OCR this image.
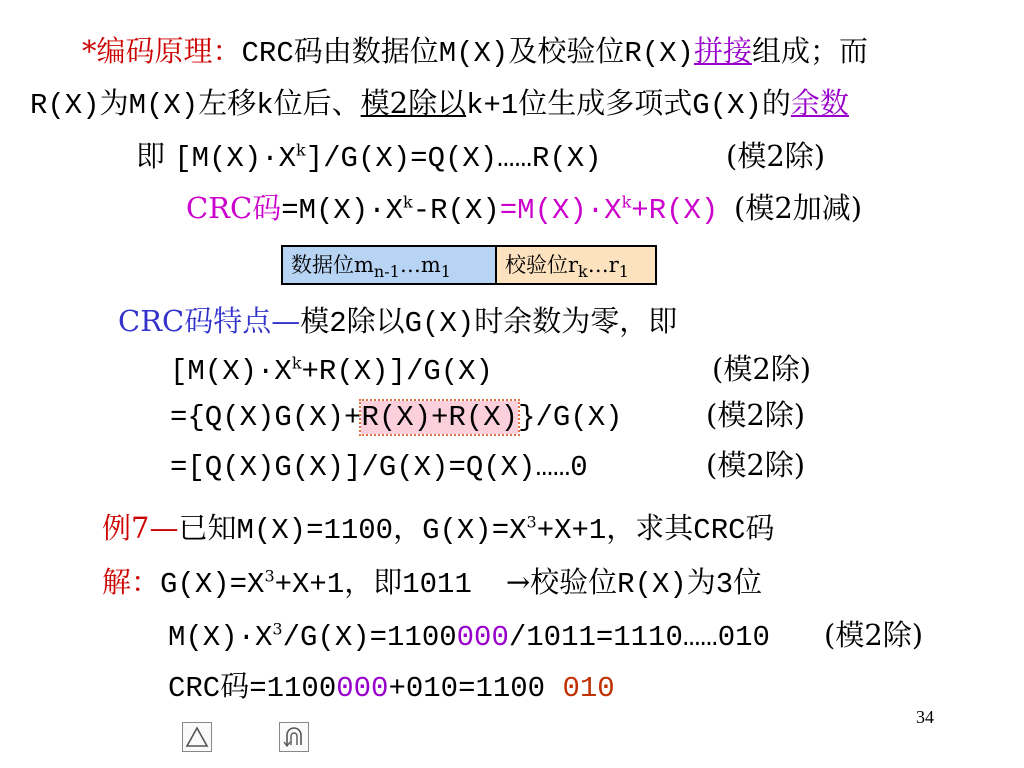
*编码原理：CRC码由数据位M(X)及校验位R(X)拼接组成；而
R(X)为M(X)左移k位后、模2除以k+1位生成多项式G(X)的余数
即 $[M(X)\cdot X^k]/G(X)=Q(X)\dots\dots R(X)$	(模2除)
CRC码$=M(X)\cdot X^k-R(X)=M(X)\cdot X^k+R(X)$ (模2加减)
数据位$m_{n-1}\dots m_1$	校验位$r_k\dots r_1$
CRC码特点—模2除以G(X)时余数为零，即
$[M(X)\cdot X^k+R(X)]/G(X)$	(模2除)
={Q(X)G(X)+R(X)+R(X)}/G(X)	(模2除)
=[Q(X)G(X)]/G(X)=Q(X)……0	(模2除)
例7—已知M(X)=1100，$G(X)=X^3+X+1$，求其CRC码
解：$G(X)=X^3+X+1$，即1011 →校验位R(X)为3位
$M(X)\cdot X^3/G(X)=1100000/1011=1110\dots\dots 010$ (模2除)
CRC码=1100000+010=1100 010
34
